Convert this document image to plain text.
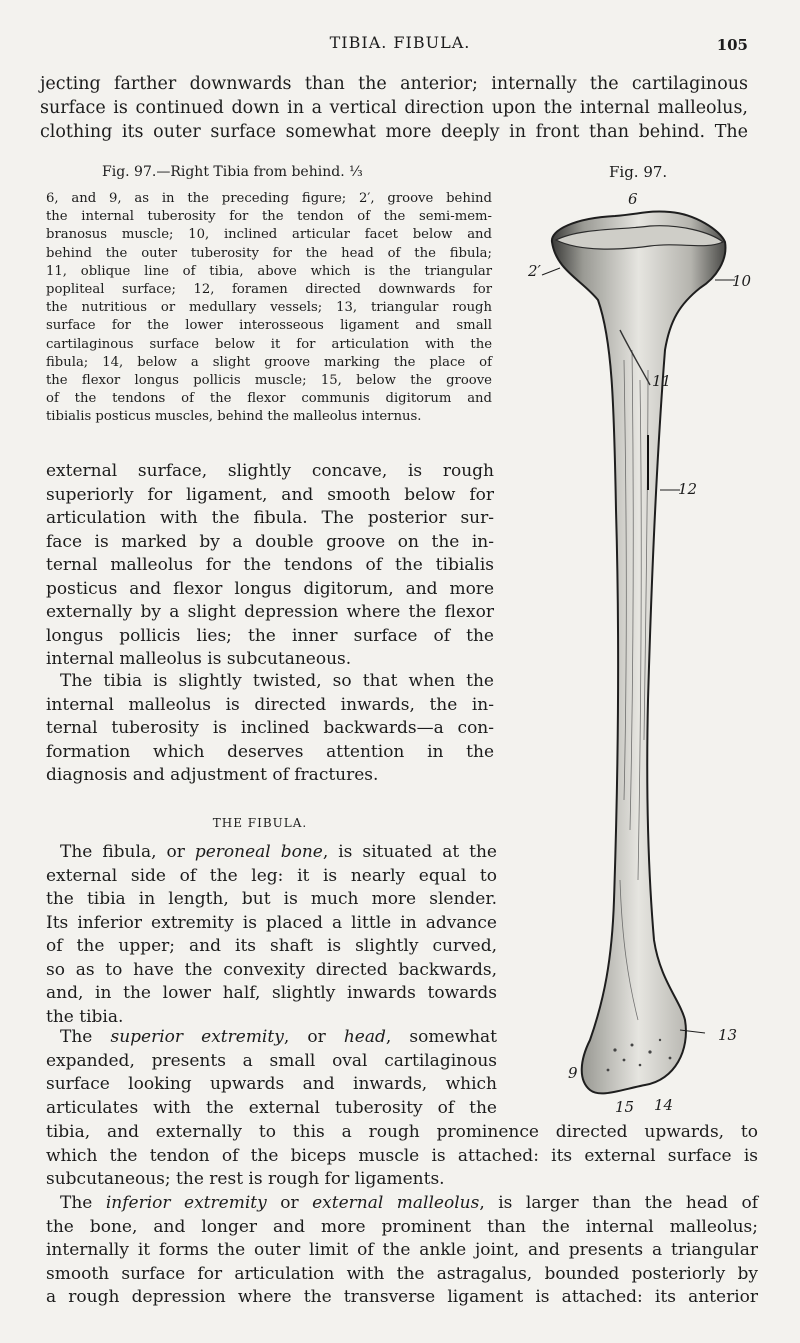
TIBIA. FIBULA.	105
jecting farther downwards than the anterior; internally the cartilaginous
surface is continued down in a vertical direction upon the internal malleolus,
clothing its outer surface somewhat more deeply in front than behind. The
Fig. 97.—Right Tibia from behind. ⅓	Fig. 97.
6, and 9, as in the preceding figure; 2′, groove behind
the internal tuberosity for the tendon of the semi-mem-
branosus muscle; 10, inclined articular facet below and
behind the outer tuberosity for the head of the fibula;
11, oblique line of tibia, above which is the triangular
popliteal surface; 12, foramen directed downwards for
the nutritious or medullary vessels; 13, triangular rough
surface for the lower interosseous ligament and small
cartilaginous surface below it for articulation with the
fibula; 14, below a slight groove marking the place of
the flexor longus pollicis muscle; 15, below the groove
of the tendons of the flexor communis digitorum and
tibialis posticus muscles, behind the malleolus internus.
external surface, slightly concave, is rough
superiorly for ligament, and smooth below for
articulation with the fibula. The posterior sur-
face is marked by a double groove on the in-
ternal malleolus for the tendons of the tibialis
posticus and flexor longus digitorum, and more
externally by a slight depression where the flexor
longus pollicis lies; the inner surface of the
internal malleolus is subcutaneous.
The tibia is slightly twisted, so that when the
internal malleolus is directed inwards, the in-
ternal tuberosity is inclined backwards—a con-
formation which deserves attention in the
diagnosis and adjustment of fractures.
THE FIBULA.
The fibula, or peroneal bone, is situated at the
external side of the leg: it is nearly equal to
the tibia in length, but is much more slender.
Its inferior extremity is placed a little in advance
of the upper; and its shaft is slightly curved,
so as to have the convexity directed backwards,
and, in the lower half, slightly inwards towards
the tibia.
The superior extremity, or head, somewhat
expanded, presents a small oval cartilaginous
surface looking upwards and inwards, which
articulates with the external tuberosity of the
tibia, and externally to this a rough prominence directed upwards, to
which the tendon of the biceps muscle is attached: its external surface is
subcutaneous; the rest is rough for ligaments.
The inferior extremity or external malleolus, is larger than the head of
the bone, and longer and more prominent than the internal malleolus;
internally it forms the outer limit of the ankle joint, and presents a triangular
smooth surface for articulation with the astragalus, bounded posteriorly by
a rough depression where the transverse ligament is attached: its anterior
6
2′
10
11
12
13
9
15 14
